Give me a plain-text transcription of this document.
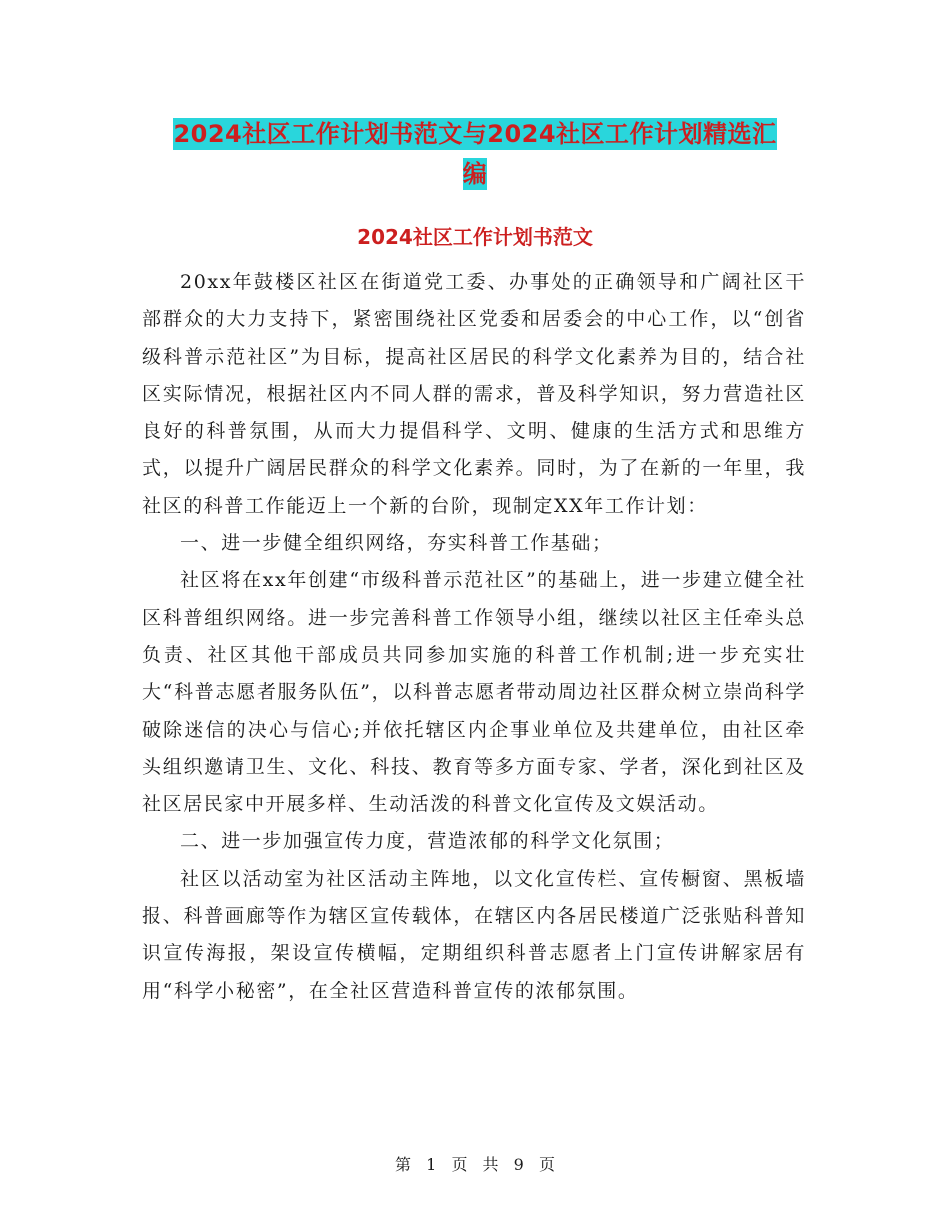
2024社区工作计划书范文与2024社区工作计划精选汇
编
2024社区工作计划书范文

20xx年鼓楼区社区在街道党工委、办事处的正确领导和广阔社区干部群众的大力支持下，紧密围绕社区党委和居委会的中心工作，以“创省级科普示范社区”为目标，提高社区居民的科学文化素养为目的，结合社区实际情况，根据社区内不同人群的需求，普及科学知识，努力营造社区良好的科普氛围，从而大力提倡科学、文明、健康的生活方式和思维方式，以提升广阔居民群众的科学文化素养。同时，为了在新的一年里，我社区的科普工作能迈上一个新的台阶，现制定XX年工作计划：

一、进一步健全组织网络，夯实科普工作基础；

社区将在xx年创建“市级科普示范社区”的基础上，进一步建立健全社区科普组织网络。进一步完善科普工作领导小组，继续以社区主任牵头总负责、社区其他干部成员共同参加实施的科普工作机制;进一步充实壮大“科普志愿者服务队伍”，以科普志愿者带动周边社区群众树立崇尚科学破除迷信的决心与信心;并依托辖区内企事业单位及共建单位，由社区牵头组织邀请卫生、文化、科技、教育等多方面专家、学者，深化到社区及社区居民家中开展多样、生动活泼的科普文化宣传及文娱活动。

二、进一步加强宣传力度，营造浓郁的科学文化氛围；

社区以活动室为社区活动主阵地，以文化宣传栏、宣传橱窗、黑板墙报、科普画廊等作为辖区宣传载体，在辖区内各居民楼道广泛张贴科普知识宣传海报，架设宣传横幅，定期组织科普志愿者上门宣传讲解家居有用“科学小秘密”，在全社区营造科普宣传的浓郁氛围。

第 1 页 共 9 页
